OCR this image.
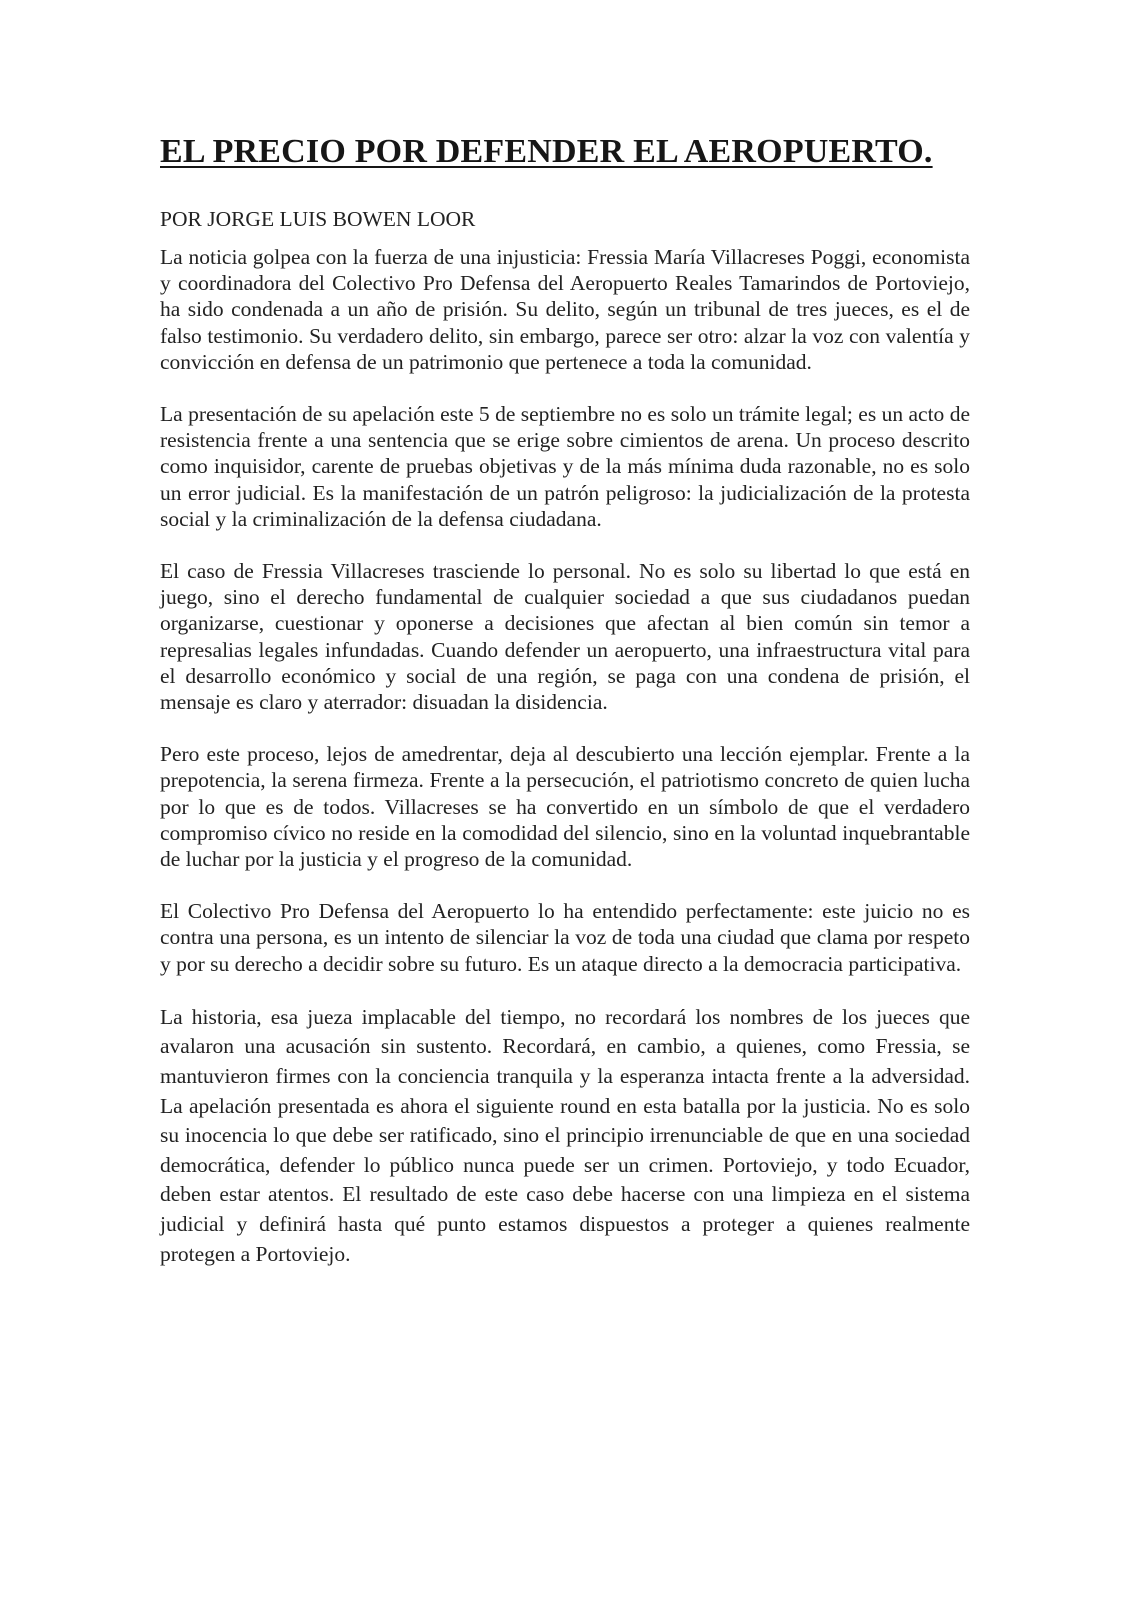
EL PRECIO POR DEFENDER EL AEROPUERTO.

POR JORGE LUIS BOWEN LOOR

La noticia golpea con la fuerza de una injusticia: Fressia María Villacreses Poggi, economista y coordinadora del Colectivo Pro Defensa del Aeropuerto Reales Tamarindos de Portoviejo, ha sido condenada a un año de prisión. Su delito, según un tribunal de tres jueces, es el de falso testimonio. Su verdadero delito, sin embargo, parece ser otro: alzar la voz con valentía y convicción en defensa de un patrimonio que pertenece a toda la comunidad.

La presentación de su apelación este 5 de septiembre no es solo un trámite legal; es un acto de resistencia frente a una sentencia que se erige sobre cimientos de arena. Un proceso descrito como inquisidor, carente de pruebas objetivas y de la más mínima duda razonable, no es solo un error judicial. Es la manifestación de un patrón peligroso: la judicialización de la protesta social y la criminalización de la defensa ciudadana.

El caso de Fressia Villacreses trasciende lo personal. No es solo su libertad lo que está en juego, sino el derecho fundamental de cualquier sociedad a que sus ciudadanos puedan organizarse, cuestionar y oponerse a decisiones que afectan al bien común sin temor a represalias legales infundadas. Cuando defender un aeropuerto, una infraestructura vital para el desarrollo económico y social de una región, se paga con una condena de prisión, el mensaje es claro y aterrador: disuadan la disidencia.

Pero este proceso, lejos de amedrentar, deja al descubierto una lección ejemplar. Frente a la prepotencia, la serena firmeza. Frente a la persecución, el patriotismo concreto de quien lucha por lo que es de todos. Villacreses se ha convertido en un símbolo de que el verdadero compromiso cívico no reside en la comodidad del silencio, sino en la voluntad inquebrantable de luchar por la justicia y el progreso de la comunidad.

El Colectivo Pro Defensa del Aeropuerto lo ha entendido perfectamente: este juicio no es contra una persona, es un intento de silenciar la voz de toda una ciudad que clama por respeto y por su derecho a decidir sobre su futuro. Es un ataque directo a la democracia participativa.

La historia, esa jueza implacable del tiempo, no recordará los nombres de los jueces que avalaron una acusación sin sustento. Recordará, en cambio, a quienes, como Fressia, se mantuvieron firmes con la conciencia tranquila y la esperanza intacta frente a la adversidad. La apelación presentada es ahora el siguiente round en esta batalla por la justicia. No es solo su inocencia lo que debe ser ratificado, sino el principio irrenunciable de que en una sociedad democrática, defender lo público nunca puede ser un crimen. Portoviejo, y todo Ecuador, deben estar atentos. El resultado de este caso debe hacerse con una limpieza en el sistema judicial y definirá hasta qué punto estamos dispuestos a proteger a quienes realmente protegen a Portoviejo.
